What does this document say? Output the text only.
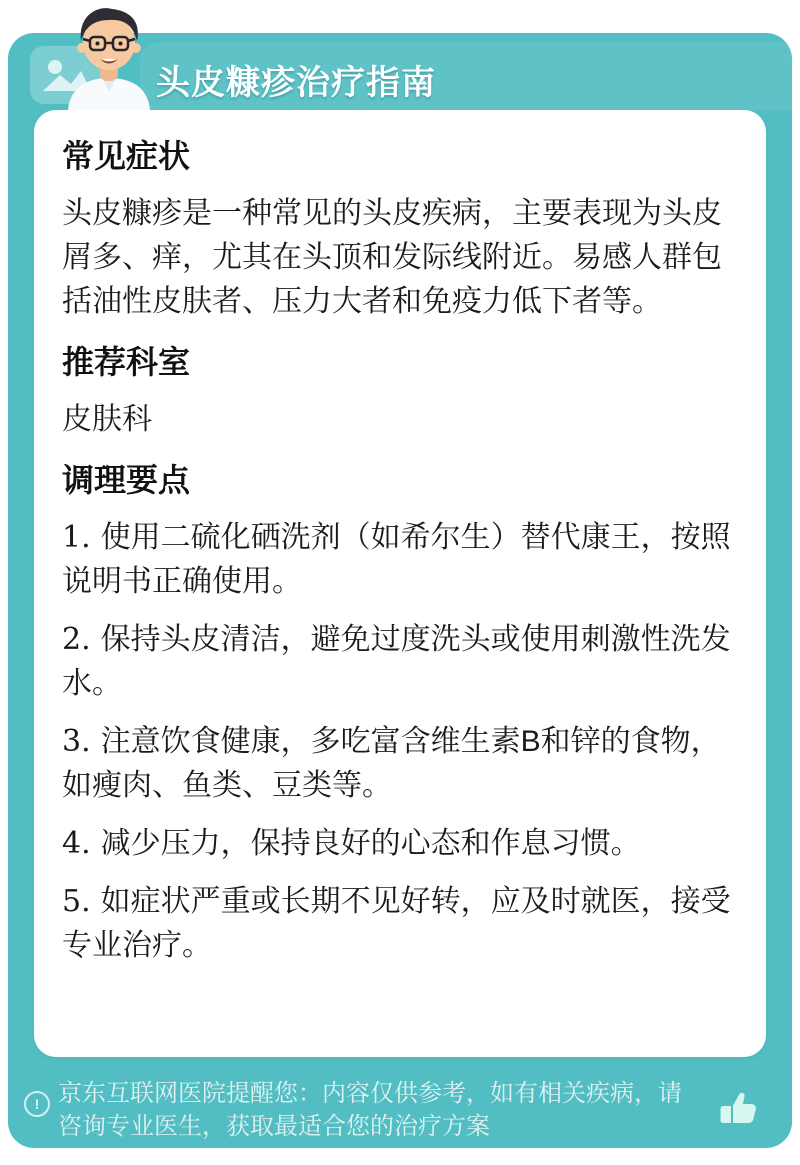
头皮糠疹治疗指南
常见症状

头皮糠疹是一种常见的头皮疾病，主要表现为头皮屑多、痒，尤其在头顶和发际线附近。易感人群包括油性皮肤者、压力大者和免疫力低下者等。

推荐科室

皮肤科

调理要点

1. 使用二硫化硒洗剂（如希尔生）替代康王，按照说明书正确使用。

2. 保持头皮清洁，避免过度洗头或使用刺激性洗发水。

3. 注意饮食健康，多吃富含维生素B和锌的食物，如瘦肉、鱼类、豆类等。

4. 减少压力，保持良好的心态和作息习惯。

5. 如症状严重或长期不见好转，应及时就医，接受专业治疗。

! 京东互联网医院提醒您：内容仅供参考，如有相关疾病，请咨询专业医生，获取最适合您的治疗方案
